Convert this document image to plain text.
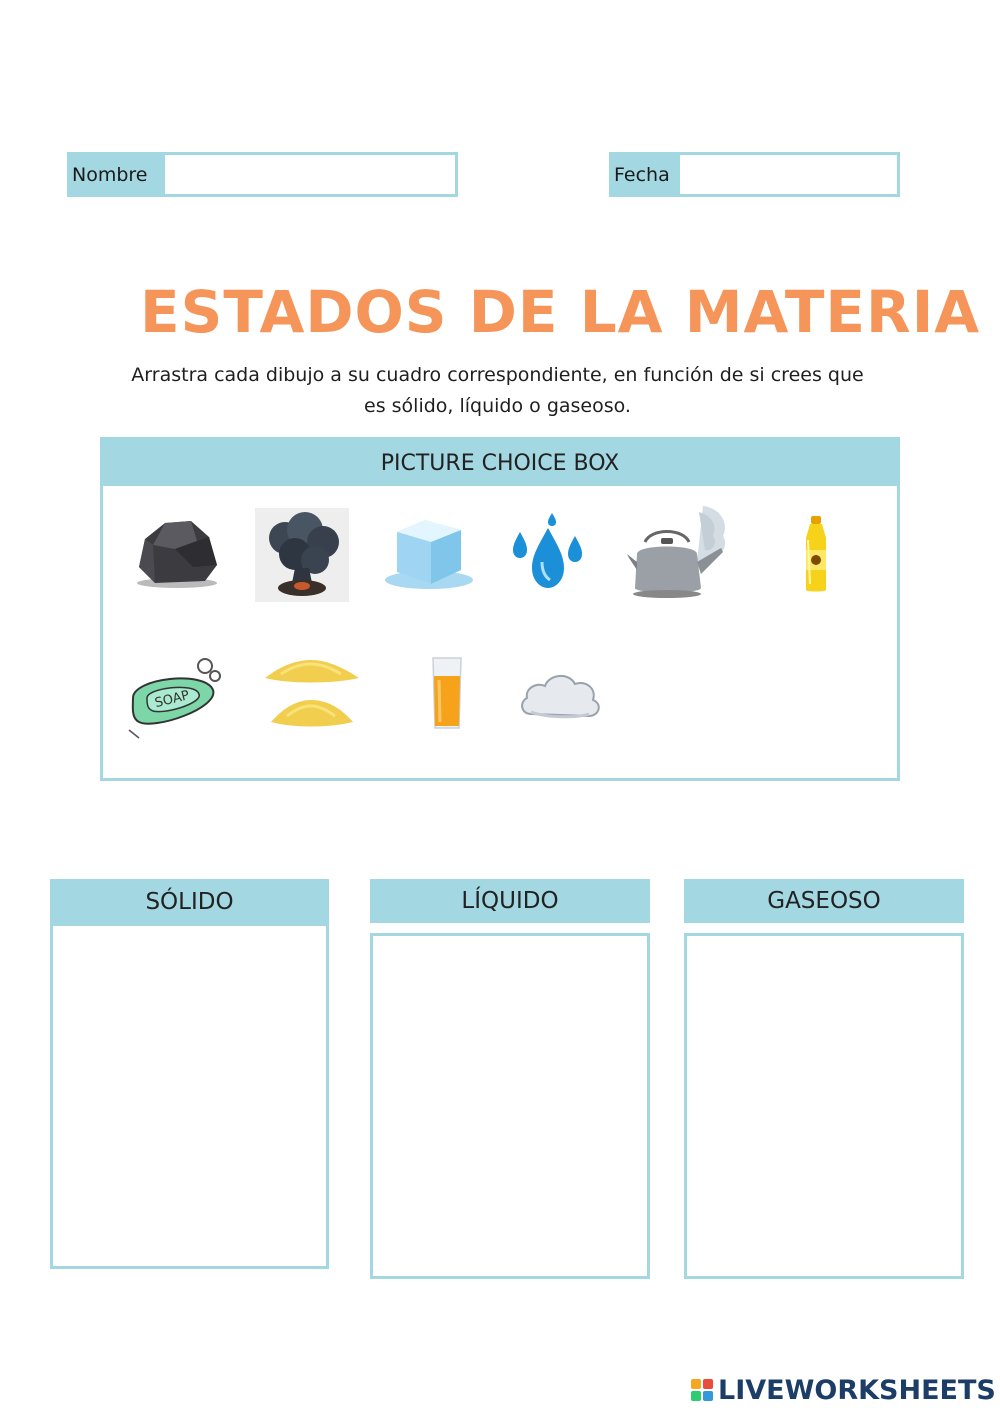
Nombre	Fecha
ESTADOS DE LA MATERIA
Arrastra cada dibujo a su cuadro correspondiente, en función de si crees que
es sólido, líquido o gaseoso.
PICTURE CHOICE BOX
SOAP
SÓLIDO	LÍQUIDO	GASEOSO
LIVEWORKSHEETS
